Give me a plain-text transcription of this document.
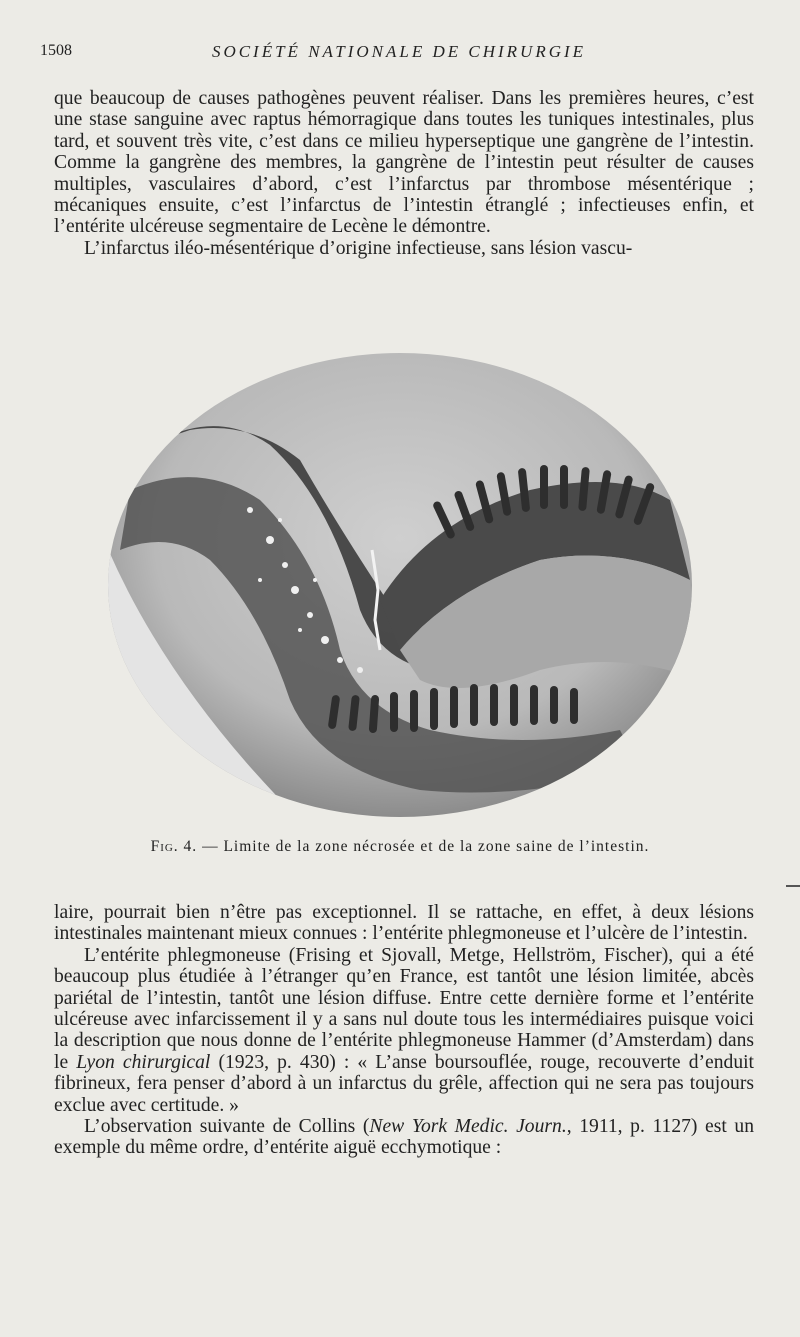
1508	SOCIÉTÉ NATIONALE DE CHIRURGIE

que beaucoup de causes pathogènes peuvent réaliser. Dans les premières heures, c’est une stase sanguine avec raptus hémorragique dans toutes les tuniques intestinales, plus tard, et souvent très vite, c’est dans ce milieu hyperseptique une gangrène de l’intestin. Comme la gangrène des membres, la gangrène de l’intestin peut résulter de causes multiples, vasculaires d’abord, c’est l’infarctus par thrombose mésentérique ; mécaniques ensuite, c’est l’infarctus de l’intestin étranglé ; infectieuses enfin, et l’entérite ulcéreuse segmentaire de Lecène le démontre.

L’infarctus iléo-mésentérique d’origine infectieuse, sans lésion vascu-

Fig. 4. — Limite de la zone nécrosée et de la zone saine de l’intestin.

laire, pourrait bien n’être pas exceptionnel. Il se rattache, en effet, à deux lésions intestinales maintenant mieux connues : l’entérite phlegmoneuse et l’ulcère de l’intestin.

L’entérite phlegmoneuse (Frising et Sjovall, Metge, Hellström, Fischer), qui a été beaucoup plus étudiée à l’étranger qu’en France, est tantôt une lésion limitée, abcès pariétal de l’intestin, tantôt une lésion diffuse. Entre cette dernière forme et l’entérite ulcéreuse avec infarcissement il y a sans nul doute tous les intermédiaires puisque voici la description que nous donne de l’entérite phlegmoneuse Hammer (d’Amsterdam) dans le Lyon chirurgical (1923, p. 430) : « L’anse boursouflée, rouge, recouverte d’enduit fibrineux, fera penser d’abord à un infarctus du grêle, affection qui ne sera pas toujours exclue avec certitude. »

L’observation suivante de Collins (New York Medic. Journ., 1911, p. 1127) est un exemple du même ordre, d’entérite aiguë ecchymotique :
